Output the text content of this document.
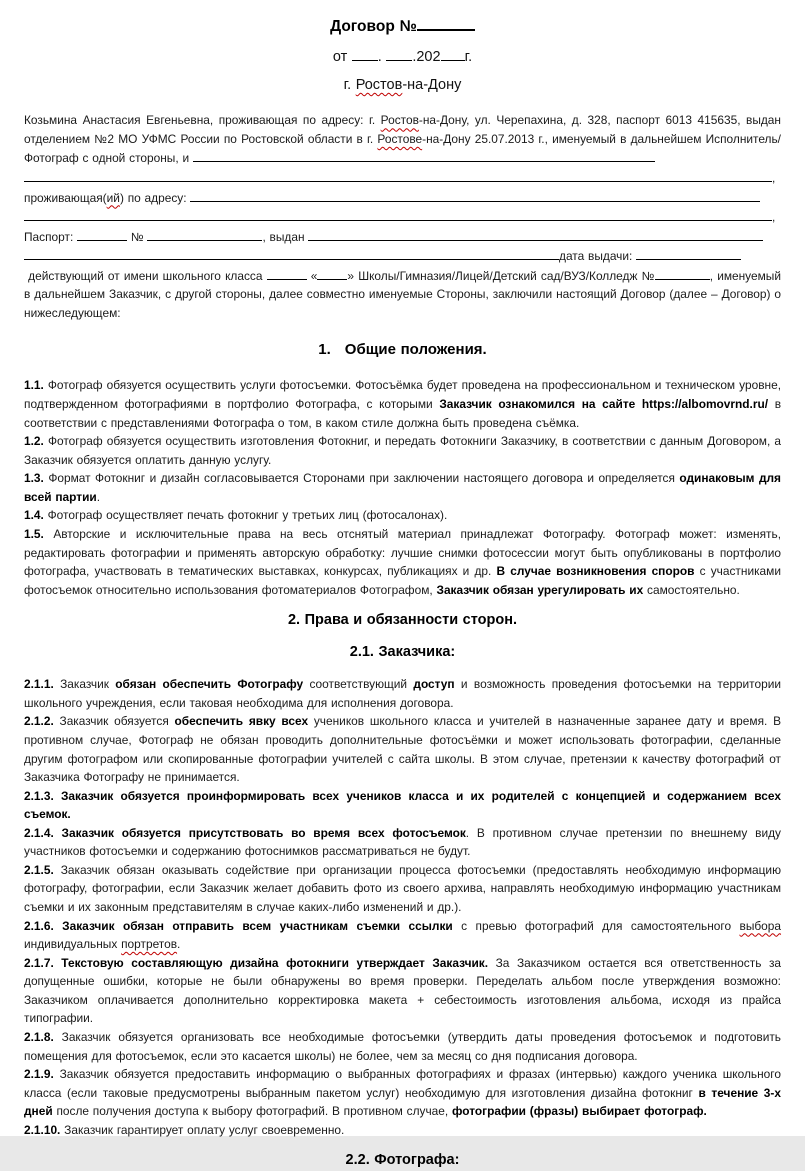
Договор №
от . .202 г.
г. Ростов-на-Дону
Козьмина Анастасия Евгеньевна, проживающая по адресу: г. Ростов-на-Дону, ул. Черепахина, д. 328, паспорт 6013 415635, выдан отделением №2 МО УФМС России по Ростовской области в г. Ростове-на-Дону 25.07.2013 г., именуемый в дальнейшем Исполнитель/Фотограф с одной стороны, и
,
проживающая(ий) по адресу:
,
Паспорт:	№	, выдан
дата выдачи:
действующий от имени школьного класса	«	» Школы/Гимназия/Лицей/Детский сад/ВУЗ/Колледж №	, именуемый в дальнейшем Заказчик, с другой стороны, далее совместно именуемые Стороны, заключили настоящий Договор (далее – Договор) о нижеследующем:
1.   Общие положения.
1.1. Фотограф обязуется осуществить услуги фотосъемки. Фотосъёмка будет проведена на профессиональном и техническом уровне, подтвержденном фотографиями в портфолио Фотографа, с которыми Заказчик ознакомился на сайте https://albomovrnd.ru/ в соответствии с представлениями Фотографа о том, в каком стиле должна быть проведена съёмка.
1.2. Фотограф обязуется осуществить изготовления Фотокниг, и передать Фотокниги Заказчику, в соответствии с данным Договором, а Заказчик обязуется оплатить данную услугу.
1.3. Формат Фотокниг и дизайн согласовывается Сторонами при заключении настоящего договора и определяется одинаковым для всей партии.
1.4. Фотограф осуществляет печать фотокниг у третьих лиц (фотосалонах).
1.5. Авторские и исключительные права на весь отснятый материал принадлежат Фотографу. Фотограф может: изменять, редактировать фотографии и применять авторскую обработку: лучшие снимки фотосессии могут быть опубликованы в портфолио фотографа, участвовать в тематических выставках, конкурсах, публикациях и др. В случае возникновения споров с участниками фотосъемок относительно использования фотоматериалов Фотографом, Заказчик обязан урегулировать их самостоятельно.
2. Права и обязанности сторон.
2.1. Заказчика:
2.1.1. Заказчик обязан обеспечить Фотографу соответствующий доступ и возможность проведения фотосъемки на территории школьного учреждения, если таковая необходима для исполнения договора.
2.1.2. Заказчик обязуется обеспечить явку всех учеников школьного класса и учителей в назначенные заранее дату и время. В противном случае, Фотограф не обязан проводить дополнительные фотосъёмки и может использовать фотографии, сделанные другим фотографом или скопированные фотографии учителей с сайта школы. В этом случае, претензии к качеству фотографий от Заказчика Фотографу не принимается.
2.1.3. Заказчик обязуется проинформировать всех учеников класса и их родителей с концепцией и содержанием всех съемок.
2.1.4. Заказчик обязуется присутствовать во время всех фотосъемок. В противном случае претензии по внешнему виду участников фотосъемки и содержанию фотоснимков рассматриваться не будут.
2.1.5. Заказчик обязан оказывать содействие при организации процесса фотосъемки (предоставлять необходимую информацию фотографу, фотографии, если Заказчик желает добавить фото из своего архива, направлять необходимую информацию участникам съемки и их законным представителям в случае каких-либо изменений и др.).
2.1.6. Заказчик обязан отправить всем участникам съемки ссылки с превью фотографий для самостоятельного выбора индивидуальных портретов.
2.1.7. Текстовую составляющую дизайна фотокниги утверждает Заказчик. За Заказчиком остается вся ответственность за допущенные ошибки, которые не были обнаружены во время проверки. Переделать альбом после утверждения возможно: Заказчиком оплачивается дополнительно корректировка макета + себестоимость изготовления альбома, исходя из прайса типографии.
2.1.8. Заказчик обязуется организовать все необходимые фотосъемки (утвердить даты проведения фотосъемок и подготовить помещения для фотосъемок, если это касается школы) не более, чем за месяц со дня подписания договора.
2.1.9. Заказчик обязуется предоставить информацию о выбранных фотографиях и фразах (интервью) каждого ученика школьного класса (если таковые предусмотрены выбранным пакетом услуг) необходимую для изготовления дизайна фотокниг в течение 3-х дней после получения доступа к выбору фотографий. В противном случае, фотографии (фразы) выбирает фотограф.
2.1.10. Заказчик гарантирует оплату услуг своевременно.
2.2. Фотографа:
